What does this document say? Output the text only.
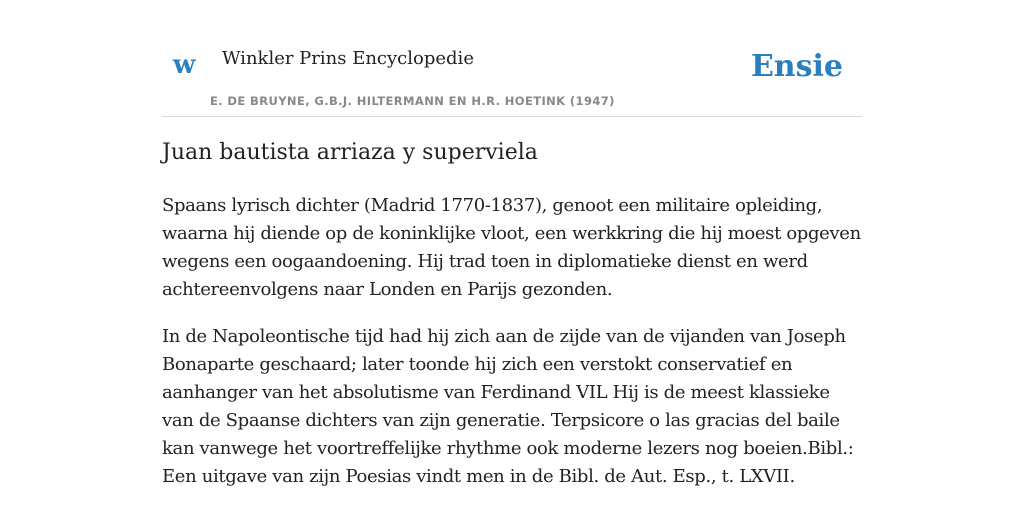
w Winkler Prins Encyclopedie
E. DE BRUYNE, G.B.J. HILTERMANN EN H.R. HOETINK (1947)
Ensie
Juan bautista arriaza y superviela

Spaans lyrisch dichter (Madrid 1770-1837), genoot een militaire opleiding, waarna hij diende op de koninklijke vloot, een werkkring die hij moest opgeven wegens een oogaandoening. Hij trad toen in diplomatieke dienst en werd achtereenvolgens naar Londen en Parijs gezonden.

In de Napoleontische tijd had hij zich aan de zijde van de vijanden van Joseph Bonaparte geschaard; later toonde hij zich een verstokt conservatief en aanhanger van het absolutisme van Ferdinand VIL Hij is de meest klassieke van de Spaanse dichters van zijn generatie. Terpsicore o las gracias del baile kan vanwege het voortreffelijke rhythme ook moderne lezers nog boeien.Bibl.: Een uitgave van zijn Poesias vindt men in de Bibl. de Aut. Esp., t. LXVII.
